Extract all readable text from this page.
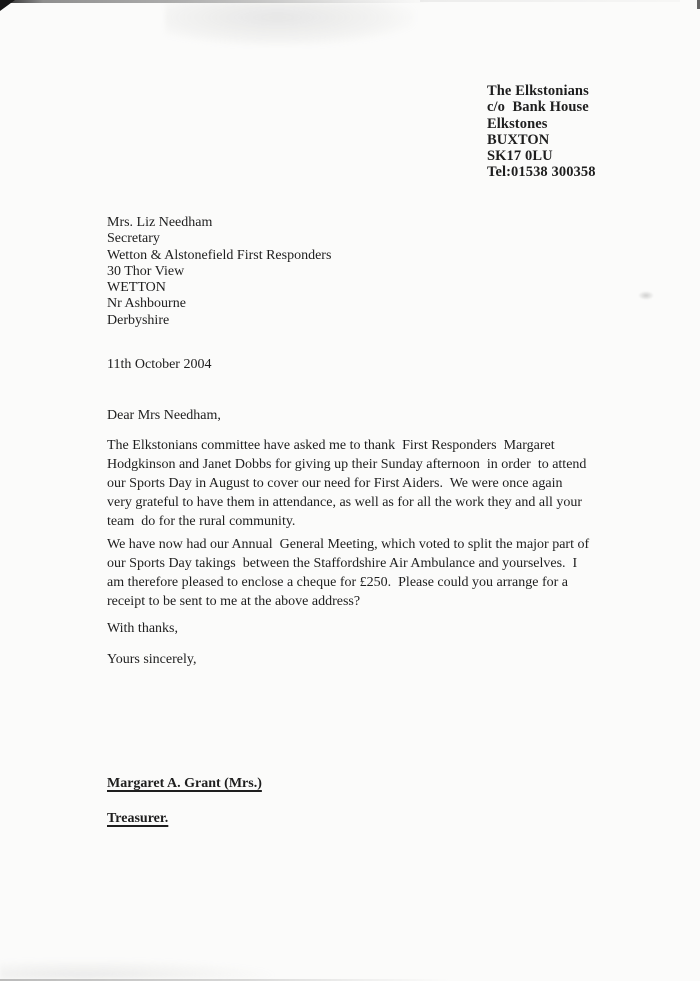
The Elkstonians
c/o  Bank House
Elkstones
BUXTON
SK17 0LU
Tel:01538 300358
Mrs. Liz Needham
Secretary
Wetton & Alstonefield First Responders
30 Thor View
WETTON
Nr Ashbourne
Derbyshire
11th October 2004
Dear Mrs Needham,
The Elkstonians committee have asked me to thank  First Responders  Margaret
Hodgkinson and Janet Dobbs for giving up their Sunday afternoon  in order  to attend
our Sports Day in August to cover our need for First Aiders.  We were once again
very grateful to have them in attendance, as well as for all the work they and all your
team  do for the rural community.
We have now had our Annual  General Meeting, which voted to split the major part of
our Sports Day takings  between the Staffordshire Air Ambulance and yourselves.  I
am therefore pleased to enclose a cheque for £250.  Please could you arrange for a
receipt to be sent to me at the above address?
With thanks,
Yours sincerely,
Margaret A. Grant (Mrs.)
Treasurer.
